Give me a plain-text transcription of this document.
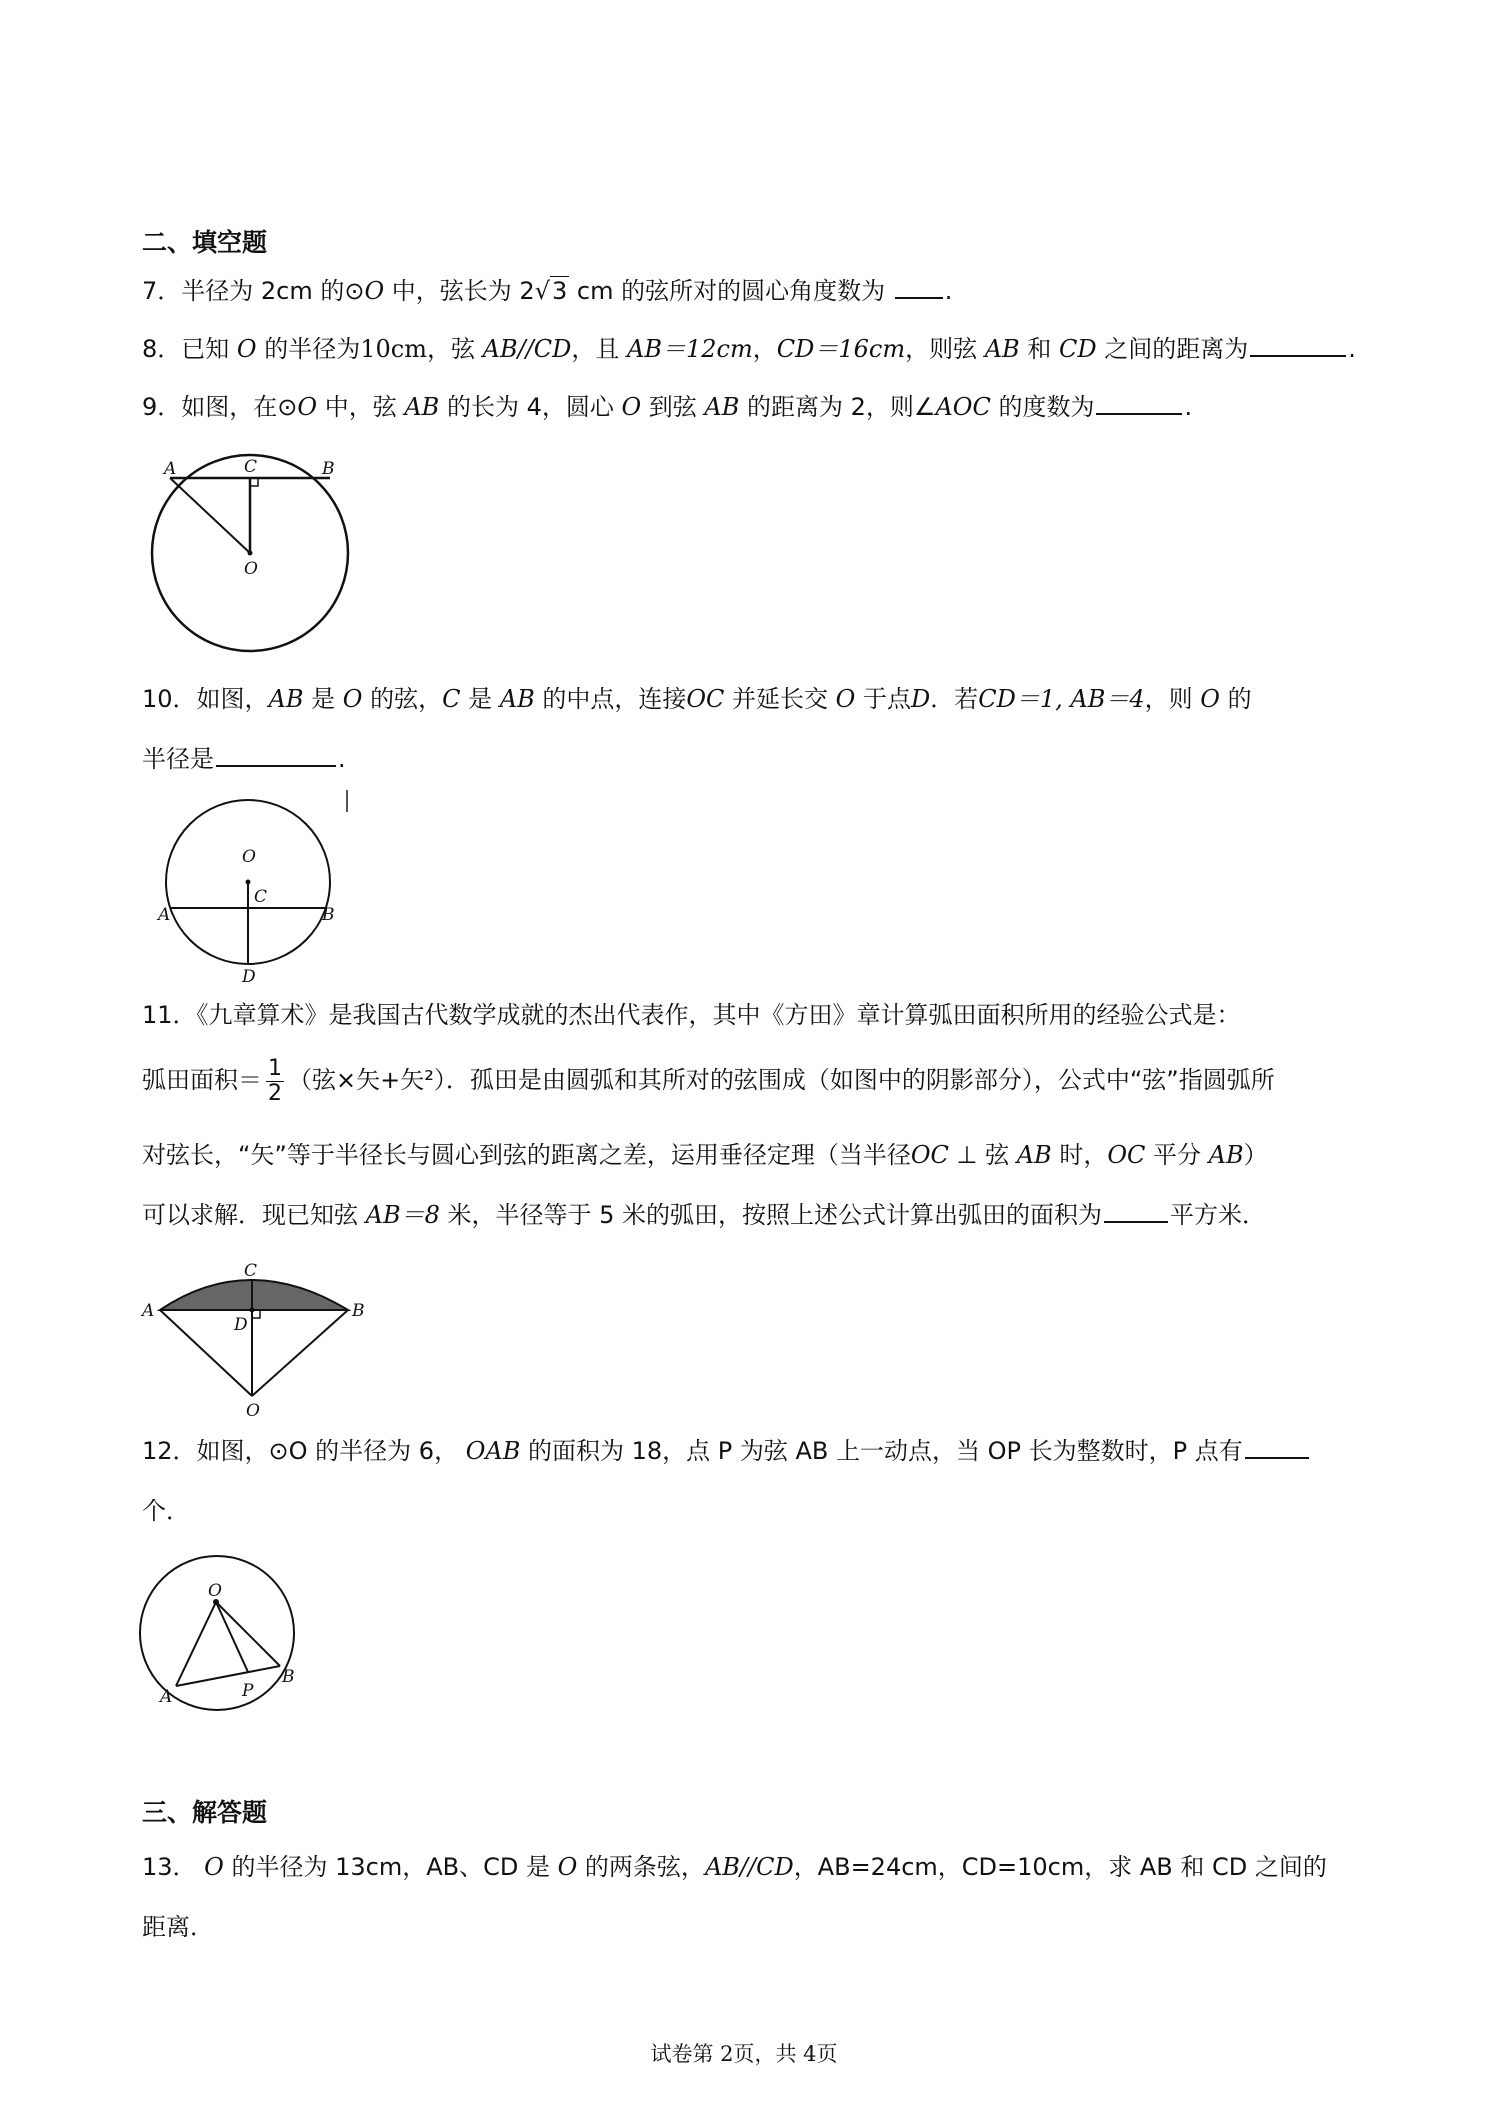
二、填空题
7．半径为 2cm 的⊙O 中，弦长为 2√3 cm 的弦所对的圆心角度数为 .
8．已知 O 的半径为10cm，弦 AB//CD，且 AB＝12cm，CD＝16cm，则弦 AB 和 CD 之间的距离为	.
9．如图，在⊙O 中，弦 AB 的长为 4，圆心 O 到弦 AB 的距离为 2，则∠AOC 的度数为	.
A	C	B
O
10．如图，AB 是 O 的弦，C 是 AB 的中点，连接OC 并延长交 O 于点D．若CD＝1, AB＝4，则 O 的
半径是	.
O
C
A	B
D
11．《九章算术》是我国古代数学成就的杰出代表作，其中《方田》章计算弧田面积所用的经验公式是：
弧田面积＝ $\frac{1}{2}$ （弦×矢+矢²）．孤田是由圆弧和其所对的弦围成（如图中的阴影部分），公式中“弦”指圆弧所
对弦长，“矢”等于半径长与圆心到弦的距离之差，运用垂径定理（当半径OC ⊥ 弦 AB 时，OC 平分 AB）
可以求解．现已知弦 AB＝8 米，半径等于 5 米的弧田，按照上述公式计算出弧田的面积为	平方米．
C
A	B
D
O
12．如图，⊙O 的半径为 6， OAB 的面积为 18，点 P 为弦 AB 上一动点，当 OP 长为整数时，P 点有
个．
O
A
B
P
三、解答题
13． O 的半径为 13cm，AB、CD 是 O 的两条弦，AB//CD，AB=24cm，CD=10cm，求 AB 和 CD 之间的
距离．
试卷第 2页，共 4页
